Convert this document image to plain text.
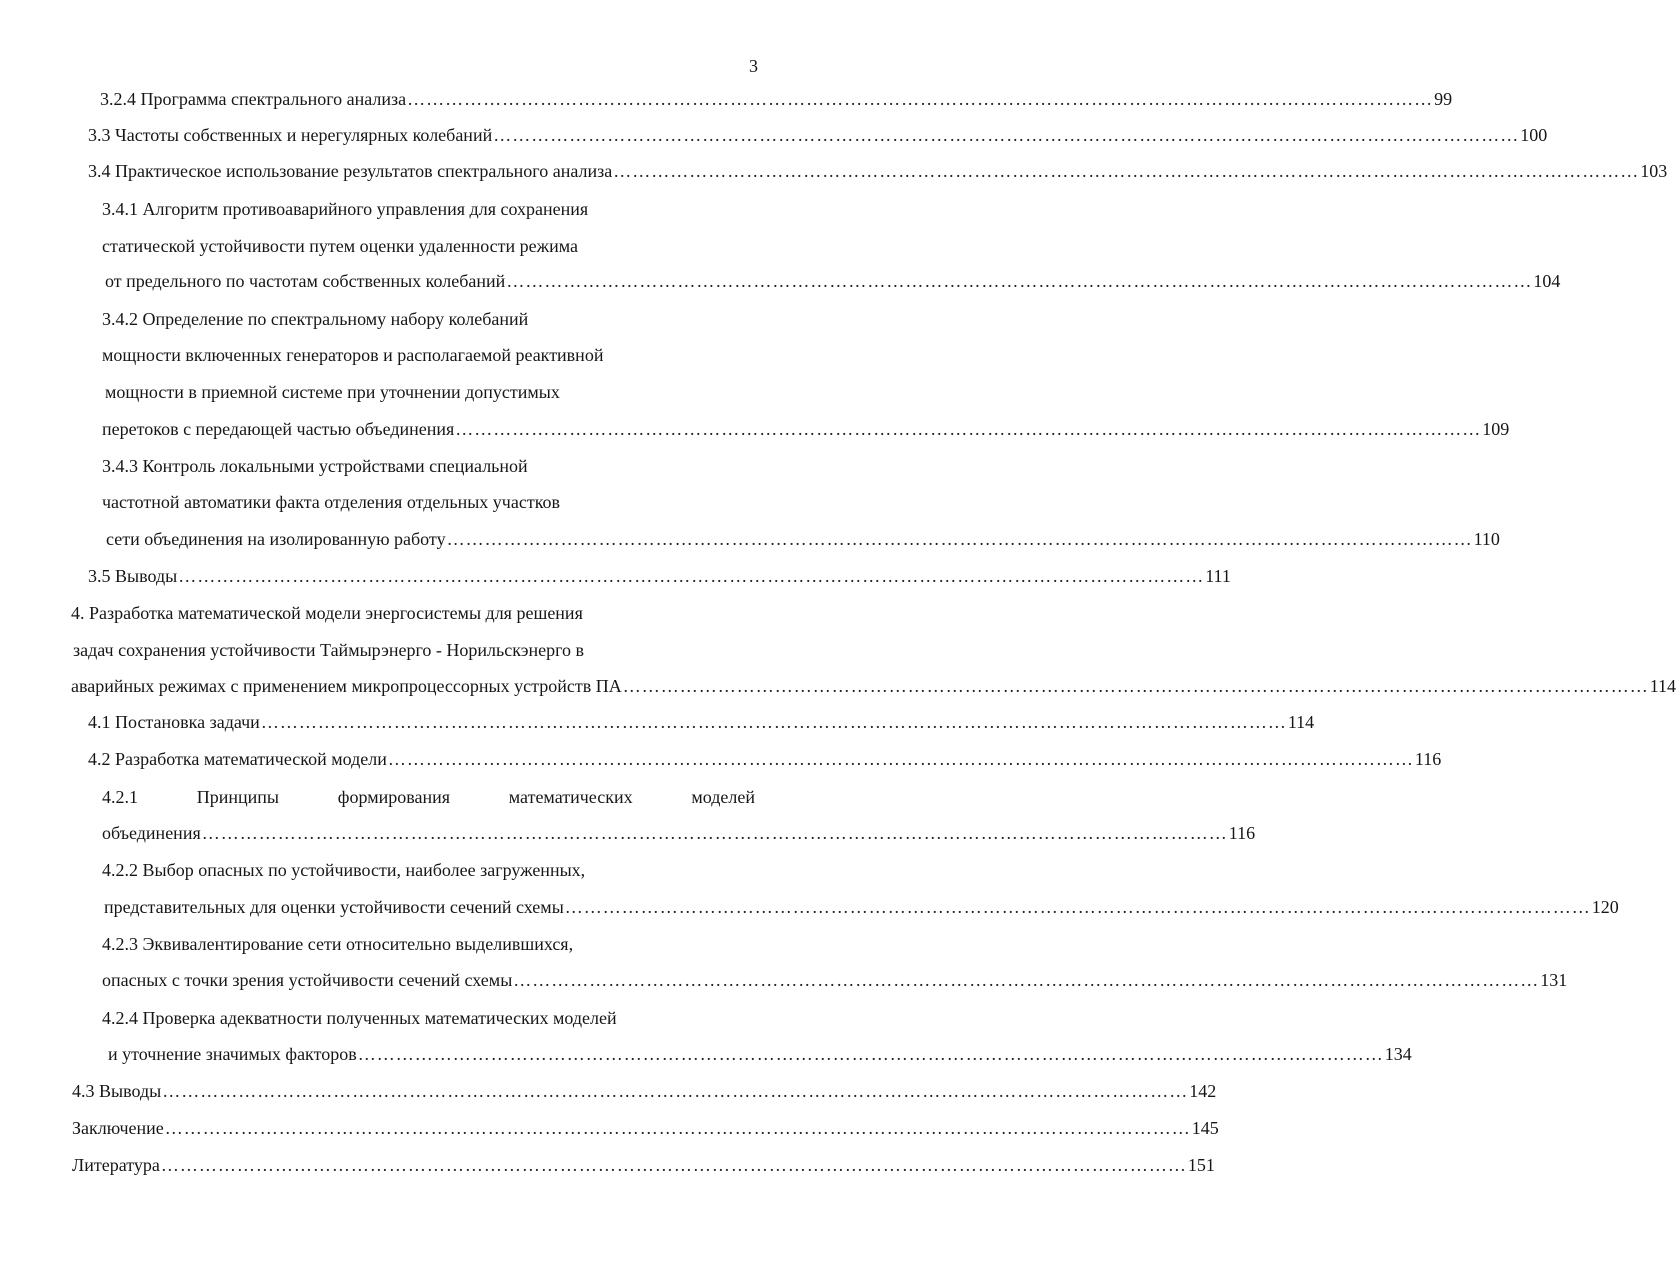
3
3.2.4 Программа спектрального анализа ……………………………………………………………………………………………………………………………………………… 99
3.3 Частоты собственных и нерегулярных колебаний ……………………………………………………………………………………………………………………………………………… 100
3.4 Практическое использование результатов спектрального анализа ……………………………………………………………………………………………………………………………………………… 103
3.4.1 Алгоритм противоаварийного управления для сохранения
статической устойчивости путем оценки удаленности режима
от предельного по частотам собственных колебаний ……………………………………………………………………………………………………………………………………………… 104
3.4.2 Определение по спектральному набору колебаний
мощности включенных генераторов и располагаемой реактивной
мощности в приемной системе при уточнении допустимых
перетоков с передающей частью объединения ……………………………………………………………………………………………………………………………………………… 109
3.4.3 Контроль локальными устройствами специальной
частотной автоматики факта отделения отдельных участков
сети объединения на изолированную работу ……………………………………………………………………………………………………………………………………………… 110
3.5 Выводы ……………………………………………………………………………………………………………………………………………… 111
4. Разработка математической модели энергосистемы для решения
задач сохранения устойчивости Таймырэнерго - Норильскэнерго в
аварийных режимах с применением микропроцессорных устройств ПА ……………………………………………………………………………………………………………………………………………… 114
4.1 Постановка задачи ……………………………………………………………………………………………………………………………………………… 114
4.2 Разработка математической модели ……………………………………………………………………………………………………………………………………………… 116
4.2.1	Принципы	формирования	математических	моделей
объединения ……………………………………………………………………………………………………………………………………………… 116
4.2.2 Выбор опасных по устойчивости, наиболее загруженных,
представительных для оценки устойчивости сечений схемы ……………………………………………………………………………………………………………………………………………… 120
4.2.3 Эквивалентирование сети относительно выделившихся,
опасных с точки зрения устойчивости сечений схемы ……………………………………………………………………………………………………………………………………………… 131
4.2.4 Проверка адекватности полученных математических моделей
и уточнение значимых факторов ……………………………………………………………………………………………………………………………………………… 134
4.3 Выводы ……………………………………………………………………………………………………………………………………………… 142
Заключение ……………………………………………………………………………………………………………………………………………… 145
Литература ……………………………………………………………………………………………………………………………………………… 151
